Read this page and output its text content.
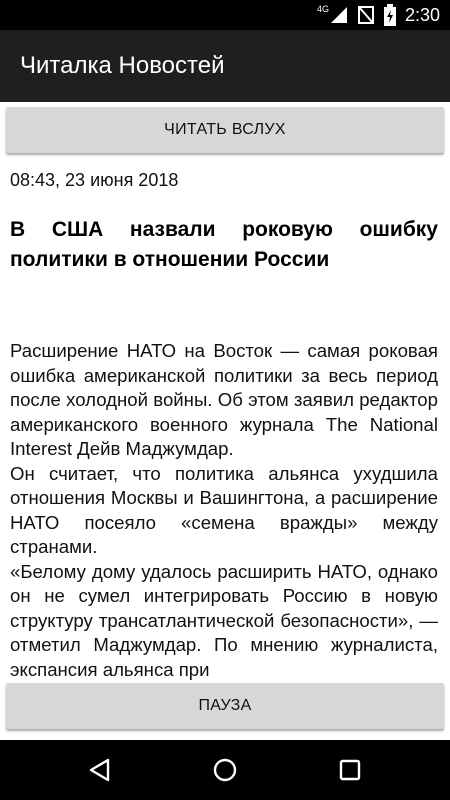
4G	2:30
Читалка Новостей
ЧИТАТЬ ВСЛУХ
08:43, 23 июня 2018
В США назвали роковую ошибку политики в отношении России

Расширение НАТО на Восток — самая роковая ошибка американской политики за весь период после холодной войны. Об этом заявил редактор американского военного журнала The National Interest Дейв Маджумдар.

Он считает, что политика альянса ухудшила отношения Москвы и Вашингтона, а расширение НАТО посеяло «семена вражды» между странами.

«Белому дому удалось расширить НАТО, однако он не сумел интегрировать Россию в новую структуру трансатлантической безопасности», — отметил Маджумдар. По мнению журналиста, экспансия альянса при

ПАУЗА
